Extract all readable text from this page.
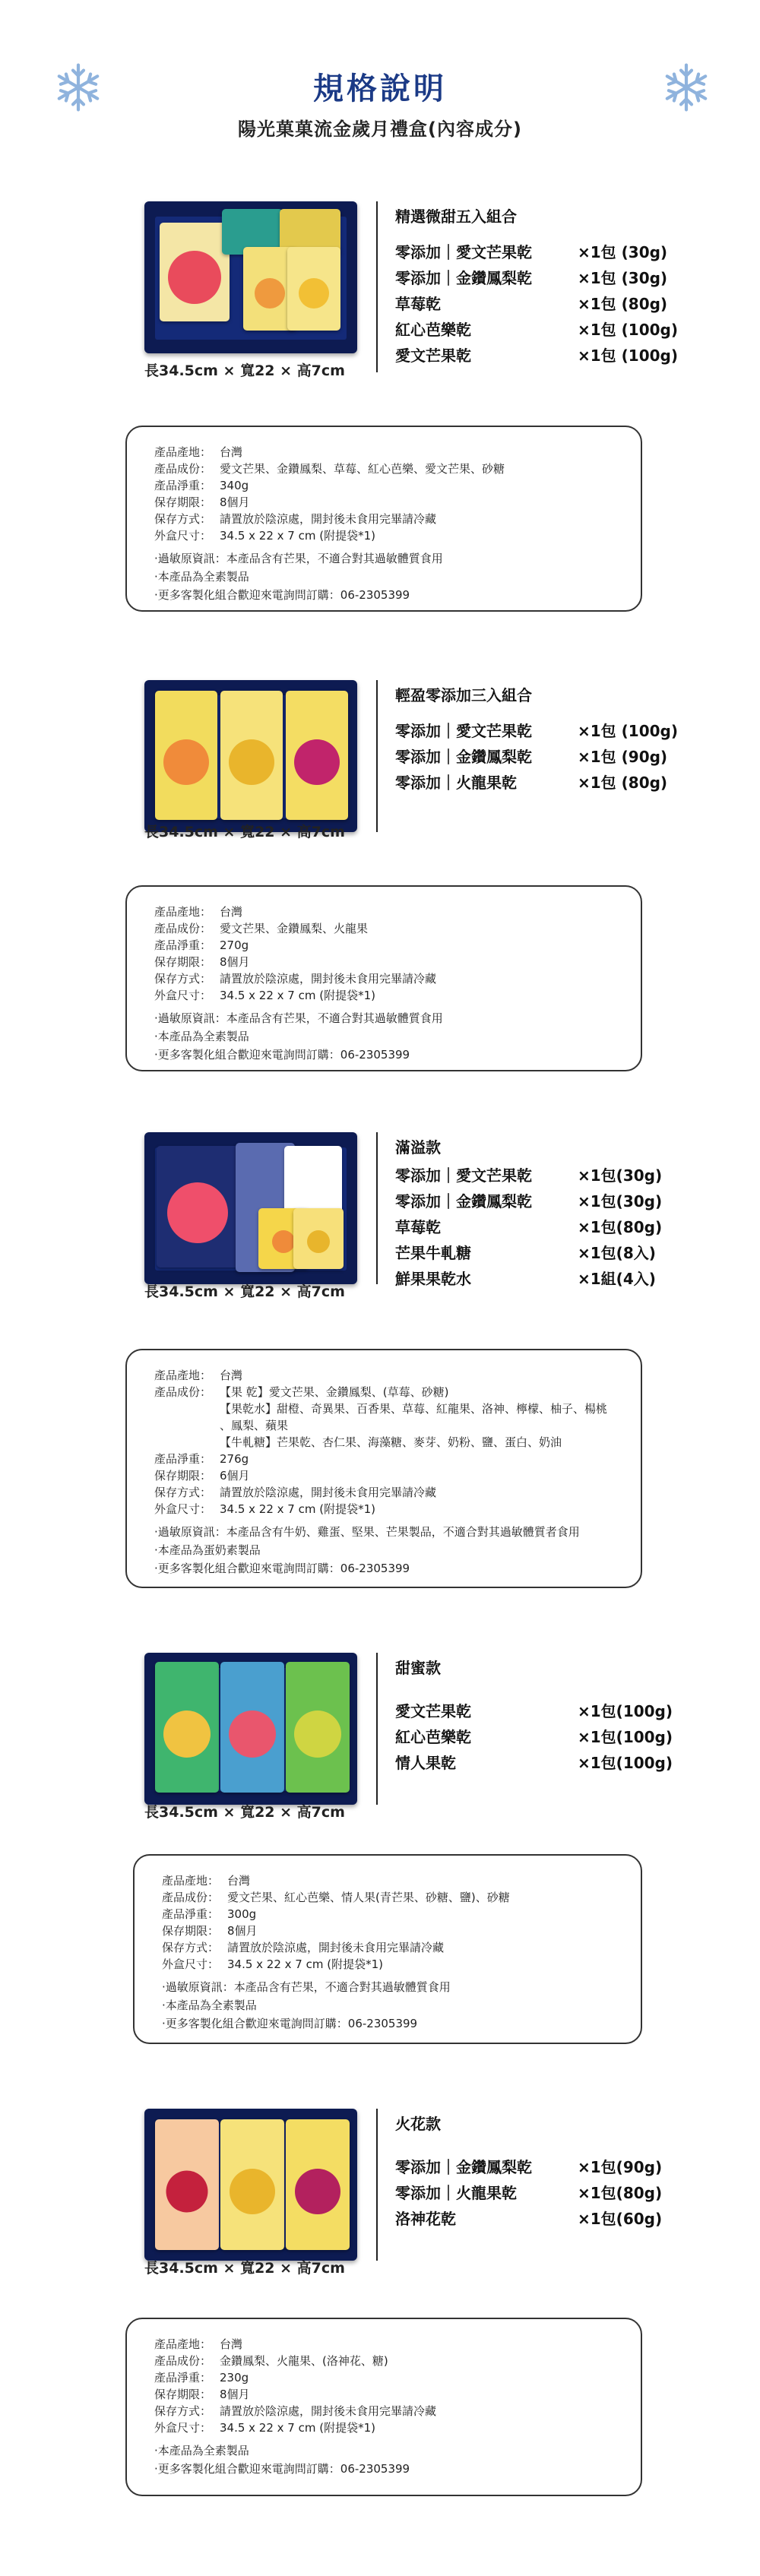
規格說明
陽光菓菓流金歲月禮盒(內容成分)
長34.5cm × 寬22 × 高7cm
精選微甜五入組合
零添加｜愛文芒果乾	×1包 (30g)
零添加｜金鑽鳳梨乾	×1包 (30g)
草莓乾	×1包 (80g)
紅心芭樂乾	×1包 (100g)
愛文芒果乾	×1包 (100g)
產品產地： 台灣
產品成份： 愛文芒果、金鑽鳳梨、草莓、紅心芭樂、愛文芒果、砂糖
產品淨重： 340g
保存期限： 8個月
保存方式： 請置放於陰涼處，開封後未食用完畢請冷藏
外盒尺寸： 34.5 x 22 x 7 cm (附提袋*1)
‧過敏原資訊：本產品含有芒果，不適合對其過敏體質食用
‧本產品為全素製品
‧更多客製化組合歡迎來電詢問訂購：06-2305399
長34.5cm × 寬22 × 高7cm
輕盈零添加三入組合
零添加｜愛文芒果乾	×1包 (100g)
零添加｜金鑽鳳梨乾	×1包 (90g)
零添加｜火龍果乾	×1包 (80g)
產品產地： 台灣
產品成份： 愛文芒果、金鑽鳳梨、火龍果
產品淨重： 270g
保存期限： 8個月
保存方式： 請置放於陰涼處，開封後未食用完畢請冷藏
外盒尺寸： 34.5 x 22 x 7 cm (附提袋*1)
‧過敏原資訊：本產品含有芒果，不適合對其過敏體質食用
‧本產品為全素製品
‧更多客製化組合歡迎來電詢問訂購：06-2305399
長34.5cm × 寬22 × 高7cm
滿溢款
零添加｜愛文芒果乾	×1包(30g)
零添加｜金鑽鳳梨乾	×1包(30g)
草莓乾	×1包(80g)
芒果牛軋糖	×1包(8入)
鮮果果乾水	×1組(4入)
產品產地： 台灣
產品成份： 【果 乾】愛文芒果、金鑽鳳梨、(草莓、砂糖)
【果乾水】甜橙、奇異果、百香果、草莓、紅龍果、洛神、檸檬、柚子、楊桃 、鳳梨、蘋果
【牛軋糖】芒果乾、杏仁果、海藻糖、麥芽、奶粉、鹽、蛋白、奶油
產品淨重： 276g
保存期限： 6個月
保存方式： 請置放於陰涼處，開封後未食用完畢請冷藏
外盒尺寸： 34.5 x 22 x 7 cm (附提袋*1)
‧過敏原資訊：本產品含有牛奶、雞蛋、堅果、芒果製品，不適合對其過敏體質者食用
‧本產品為蛋奶素製品
‧更多客製化組合歡迎來電詢問訂購：06-2305399
長34.5cm × 寬22 × 高7cm
甜蜜款
愛文芒果乾	×1包(100g)
紅心芭樂乾	×1包(100g)
情人果乾	×1包(100g)
產品產地： 台灣
產品成份： 愛文芒果、紅心芭樂、情人果(青芒果、砂糖、鹽)、砂糖
產品淨重： 300g
保存期限： 8個月
保存方式： 請置放於陰涼處，開封後未食用完畢請冷藏
外盒尺寸： 34.5 x 22 x 7 cm (附提袋*1)
‧過敏原資訊：本產品含有芒果，不適合對其過敏體質食用
‧本產品為全素製品
‧更多客製化組合歡迎來電詢問訂購：06-2305399
長34.5cm × 寬22 × 高7cm
火花款
零添加｜金鑽鳳梨乾	×1包(90g)
零添加｜火龍果乾	×1包(80g)
洛神花乾	×1包(60g)
產品產地： 台灣
產品成份： 金鑽鳳梨、火龍果、(洛神花、糖)
產品淨重： 230g
保存期限： 8個月
保存方式： 請置放於陰涼處，開封後未食用完畢請冷藏
外盒尺寸： 34.5 x 22 x 7 cm (附提袋*1)
‧本產品為全素製品
‧更多客製化組合歡迎來電詢問訂購：06-2305399
